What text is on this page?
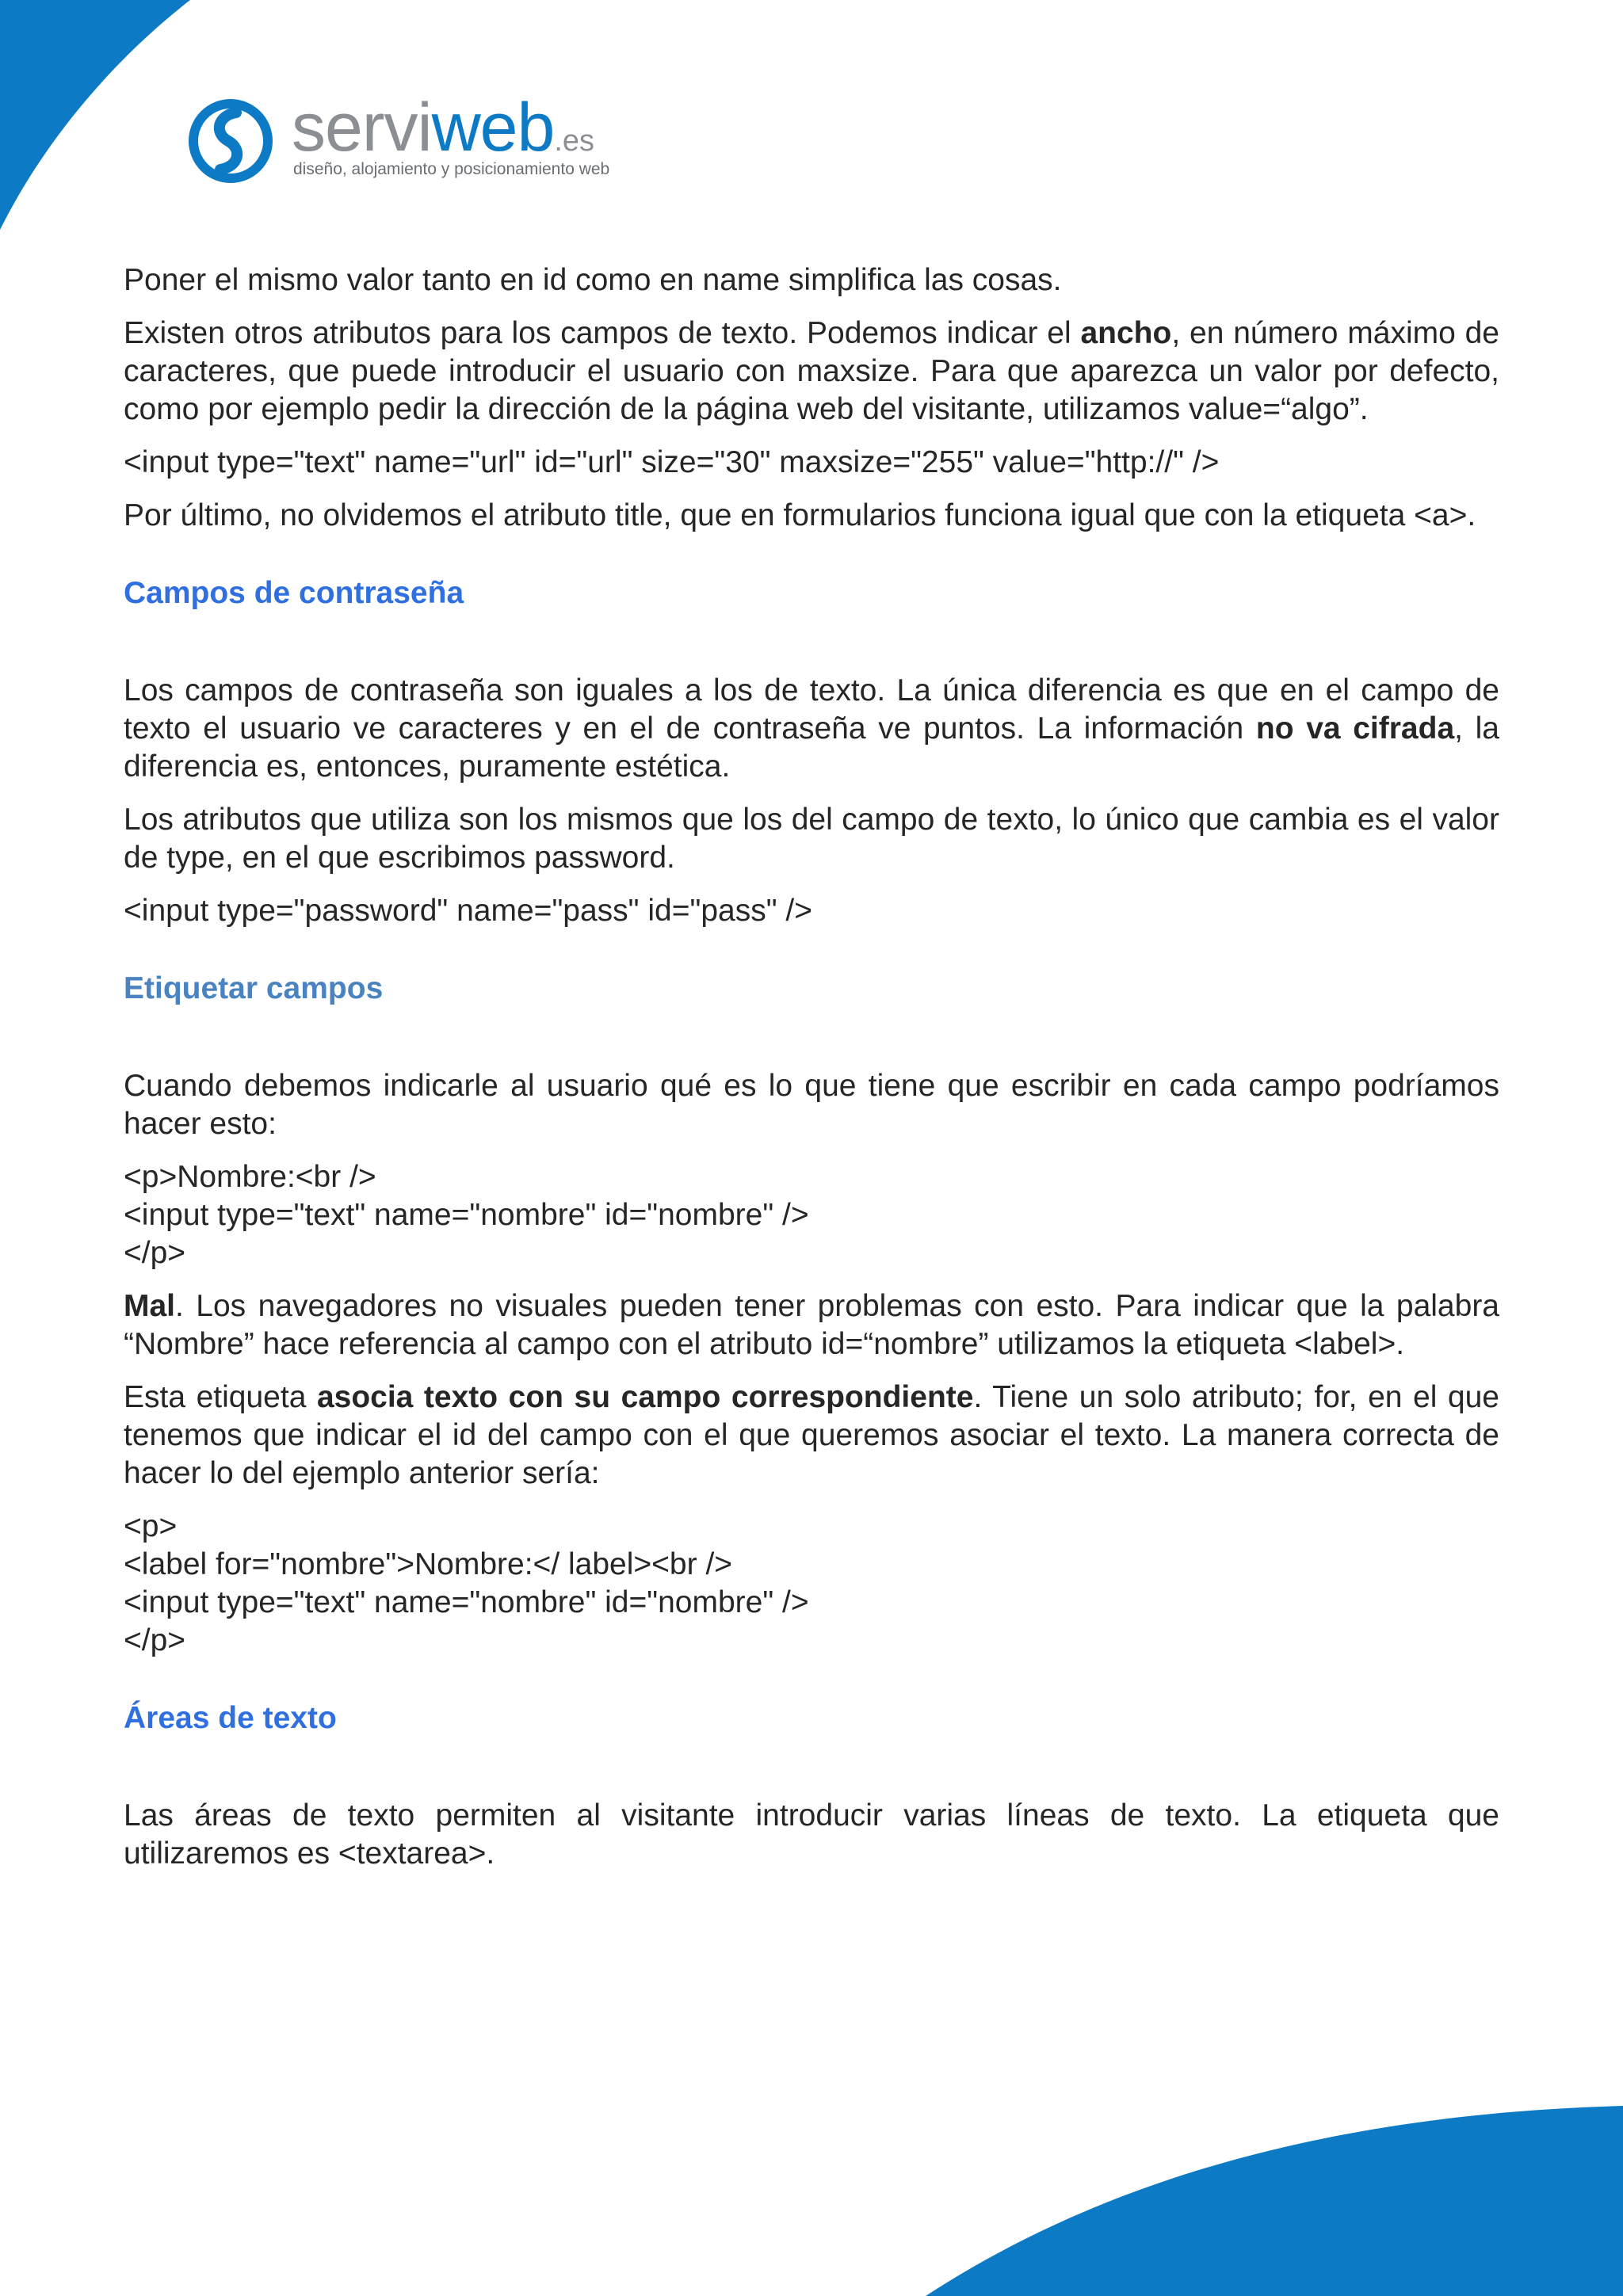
serviweb.es
diseño, alojamiento y posicionamiento web

Poner el mismo valor tanto en id como en name simplifica las cosas.

Existen otros atributos para los campos de texto. Podemos indicar el ancho, en número máximo de caracteres, que puede introducir el usuario con maxsize. Para que aparezca un valor por defecto, como por ejemplo pedir la dirección de la página web del visitante, utilizamos value=“algo”.

<input type="text" name="url" id="url" size="30" maxsize="255" value="http://" />

Por último, no olvidemos el atributo title, que en formularios funciona igual que con la etiqueta <a>.

Campos de contraseña

Los campos de contraseña son iguales a los de texto. La única diferencia es que en el campo de texto el usuario ve caracteres y en el de contraseña ve puntos. La información no va cifrada, la diferencia es, entonces, puramente estética.

Los atributos que utiliza son los mismos que los del campo de texto, lo único que cambia es el valor de type, en el que escribimos password.

<input type="password" name="pass" id="pass" />

Etiquetar campos

Cuando debemos indicarle al usuario qué es lo que tiene que escribir en cada campo podríamos hacer esto:

<p>Nombre:<br />
<input type="text" name="nombre" id="nombre" />
</p>

Mal. Los navegadores no visuales pueden tener problemas con esto. Para indicar que la palabra “Nombre” hace referencia al campo con el atributo id=“nombre” utilizamos la etiqueta <label>.

Esta etiqueta asocia texto con su campo correspondiente. Tiene un solo atributo; for, en el que tenemos que indicar el id del campo con el que queremos asociar el texto. La manera correcta de hacer lo del ejemplo anterior sería:

<p>
<label for="nombre">Nombre:</ label><br />
<input type="text" name="nombre" id="nombre" />
</p>

Áreas de texto

Las áreas de texto permiten al visitante introducir varias líneas de texto. La etiqueta que utilizaremos es <textarea>.
